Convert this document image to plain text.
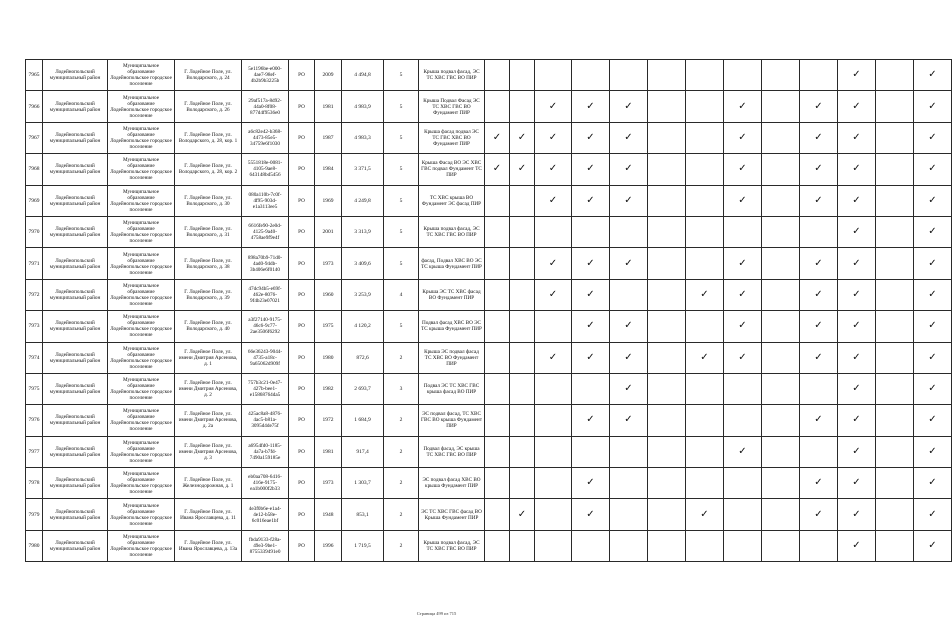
7965	Лодейнопольский муниципальный район	Муниципальное образование Лодейнопольское городское поселение	Г. Лодейное Поле, ул. Володарского, д. 24	5e1196be-e000-4ae7-98ef-4b2b9b3225b	РО	2009	4 494,8	5	Крыша подвал фасад, ЭС ТС ХВС ГВС ВО ПИР											✓		✓
7966	Лодейнопольский муниципальный район	Муниципальное образование Лодейнопольское городское поселение	Г. Лодейное Поле, ул. Володарского, д. 26	29af517a-8d92-44a0-8f08-877d4f9536e0	РО	1981	4 983,9	5	Крыша Подвал Фасад ЭС ТС ХВС ГВС ВО Фундамент ПИР			✓	✓	✓			✓		✓	✓		✓
7967	Лодейнопольский муниципальный район	Муниципальное образование Лодейнопольское городское поселение	Г. Лодейное Поле, ул. Володарского, д. 28, кор. 1	a6c82e42-b368-4473-85e5-34759e6f1030	РО	1987	4 983,3	5	Крыша фасад подвал ЭС ТС ГВС ХВС ВО Фундамент ПИР	✓	✓	✓	✓	✓			✓		✓	✓		✓
7968	Лодейнопольский муниципальный район	Муниципальное образование Лодейнопольское городское поселение	Г. Лодейное Поле, ул. Володарского, д. 28, кор. 2	5551818e-0081-4105-9ae8-643148bd5456	РО	1984	3 371,5	5	Крыша Фасад ВО ЭС ХВС ГВС подвал Фундамент ТС ПИР	✓	✓	✓	✓	✓			✓		✓	✓		✓
7969	Лодейнопольский муниципальный район	Муниципальное образование Лодейнопольское городское поселение	Г. Лодейное Поле, ул. Володарского, д. 30	080a110b-7c0f-4f95-903d-e1a3113ee5	РО	1969	4 249,8	5	ТС ХВС крыша ВО Фундамент ЭС фасад ПИР			✓	✓	✓			✓		✓	✓		✓
7970	Лодейнопольский муниципальный район	Муниципальное образование Лодейнопольское городское поселение	Г. Лодейное Поле, ул. Володарского, д. 31	6616fe90-2e0d-4125-9a40-4758ae9f9e4f	РО	2001	3 313,9	5	Крыша подвал фасад, ЭС ТС ХВС ГВС ВО ПИР											✓		✓
7971	Лодейнопольский муниципальный район	Муниципальное образование Лодейнопольское городское поселение	Г. Лодейное Поле, ул. Володарского, д. 38	898a70b9-71d0-4ad0-94db-3b406e6f0140	РО	1973	3 409,6	5	фасад, Подвал ХВС ВО ЭС ТС крыша Фундамент ПИР			✓	✓	✓			✓		✓	✓		✓
7972	Лодейнопольский муниципальный район	Муниципальное образование Лодейнопольское городское поселение	Г. Лодейное Поле, ул. Володарского, д. 39	47dc94b5-e69f-462e-8076-9f4b23e07021	РО	1960	3 253,9	4	Крыша ЭС ТС ХВС фасад ВО Фундамент ПИР			✓	✓			✓	✓		✓	✓		✓
7973	Лодейнопольский муниципальный район	Муниципальное образование Лодейнопольское городское поселение	Г. Лодейное Поле, ул. Володарского, д. 40	a3f27140-9175-46c6-9c77-2ae3506f6292	РО	1975	4 120,2	5	Подвал фасад ХВС ВО ЭС ТС крыша Фундамент ПИР				✓	✓			✓		✓	✓		✓
7974	Лодейнопольский муниципальный район	Муниципальное образование Лодейнопольское городское поселение	Г. Лодейное Поле, ул. имени Дмитрия Арсенова, д. 1	66e36243-9044-4735-a18c-9a65062d909f	РО	1980	872,6	2	Крыша ЭС подвал фасад ТС ХВС ВО Фундамент ПИР			✓	✓	✓		✓	✓		✓	✓		✓
7975	Лодейнопольский муниципальный район	Муниципальное образование Лодейнопольское городское поселение	Г. Лодейное Поле, ул. имени Дмитрия Арсенова, д. 2	757b3c21-0e47-427b-bee1-e15868764da5	РО	1982	2 693,7	3	Подвал ЭС ТС ХВС ГВС крыша фасад ВО ПИР					✓						✓		✓
7976	Лодейнопольский муниципальный район	Муниципальное образование Лодейнопольское городское поселение	Г. Лодейное Поле, ул. имени Дмитрия Арсенова, д. 2а	425ac8a8-4876-4ac5-b81a-3095d4de75f	РО	1972	1 684,9	2	ЭС подвал фасад, ТС ХВС ГВС ВО крыша Фундамент ПИР				✓	✓					✓	✓		✓
7977	Лодейнопольский муниципальный район	Муниципальное образование Лодейнопольское городское поселение	Г. Лодейное Поле, ул. имени Дмитрия Арсенова, д. 3	a6954fd0-1185-4a7a-b7fd-7490a159185e	РО	1981	917,4	2	Подвал фасад, ЭС крыша ТС ХВС ГВС ВО ПИР								✓			✓		✓
7978	Лодейнопольский муниципальный район	Муниципальное образование Лодейнопольское городское поселение	Г. Лодейное Поле, ул. Железнодорожная, д. 1	eb0aa708-6416-416e-9175-ea1b000f2b33	РО	1973	1 303,7	2	ЭС подвал фасад ХВС ВО крыша Фундамент ПИР				✓						✓	✓		✓
7979	Лодейнопольский муниципальный район	Муниципальное образование Лодейнопольское городское поселение	Г. Лодейное Поле, ул. Ивана Ярославцева, д. 11	4e3f0b6e-e1a4-4e12-b58e-6c016eae1bf	РО	1948	853,1	2	ЭС ТС ХВС ГВС фасад ВО Крыша Фундамент ПИР		✓		✓			✓			✓	✓		✓
7980	Лодейнопольский муниципальный район	Муниципальное образование Лодейнопольское городское поселение	Г. Лодейное Поле, ул. Ивана Ярославцева, д. 13а	fbda9133-f28a-49e3-9be1-8755339491e0	РО	1996	1 719,5	2	Крыша подвал фасад, ЭС ТС ХВС ГВС ВО ПИР											✓		✓
Страница 499 из 715
